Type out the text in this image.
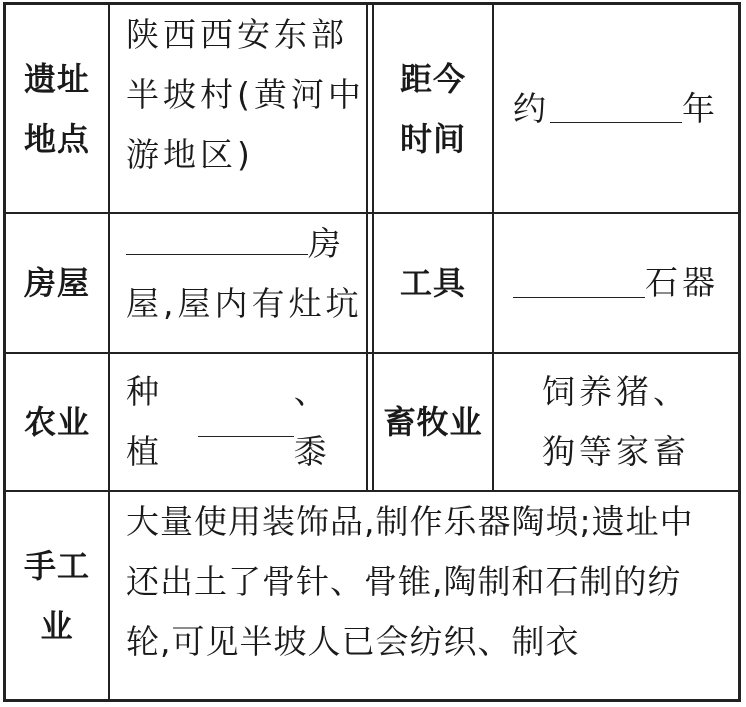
遗址
地点
陕西西安东部
半坡村(黄河中
游地区)
距今
时间
约	年
房屋
房
屋,屋内有灶坑
工具	石器
农业
种植
、黍
畜牧业
饲养猪、
狗等家畜
手工
业
大量使用装饰品,制作乐器陶埙;遗址中
还出土了骨针、骨锥,陶制和石制的纺
轮,可见半坡人已会纺织、制衣
